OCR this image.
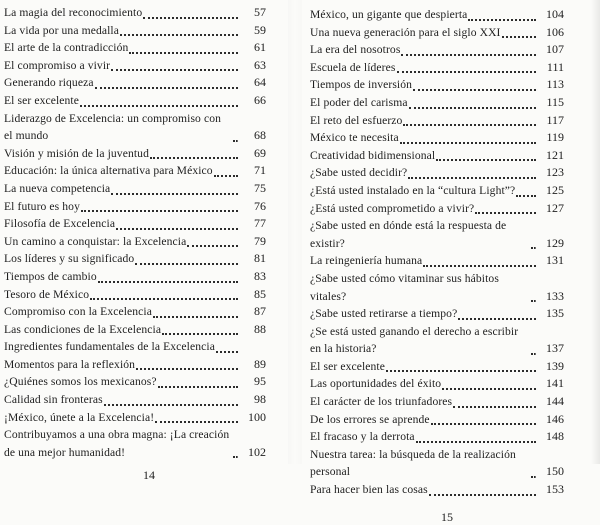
La magia del reconocimiento	57
La vida por una medalla	59
El arte de la contradicción	61
El compromiso a vivir	63
Generando riqueza	64
El ser excelente	66
Liderazgo de Excelencia: un compromiso con el mundo	68
Visión y misión de la juventud	69
Educación: la única alternativa para México	71
La nueva competencia	75
El futuro es hoy	76
Filosofía de Excelencia	77
Un camino a conquistar: la Excelencia	79
Los líderes y su significado	81
Tiempos de cambio	83
Tesoro de México	85
Compromiso con la Excelencia	87
Las condiciones de la Excelencia	88
Ingredientes fundamentales de la Excelencia
Momentos para la reflexión	89
¿Quiénes somos los mexicanos?	95
Calidad sin fronteras	98
¡México, únete a la Excelencia!	100
Contribuyamos a una obra magna: ¡La creación de una mejor humanidad!	102
14
México, un gigante que despierta	104
Una nueva generación para el siglo XXI	106
La era del nosotros	107
Escuela de líderes	111
Tiempos de inversión	113
El poder del carisma	115
El reto del esfuerzo	117
México te necesita	119
Creatividad bidimensional	121
¿Sabe usted decidir?	123
¿Está usted instalado en la “cultura Light”?	125
¿Está usted comprometido a vivir?	127
¿Sabe usted en dónde está la respuesta de existir?	129
La reingeniería humana	131
¿Sabe usted cómo vitaminar sus hábitos vitales?	133
¿Sabe usted retirarse a tiempo?	135
¿Se está usted ganando el derecho a escribir en la historia?	137
El ser excelente	139
Las oportunidades del éxito	141
El carácter de los triunfadores	144
De los errores se aprende	146
El fracaso y la derrota	148
Nuestra tarea: la búsqueda de la realización personal	150
Para hacer bien las cosas	153
15
